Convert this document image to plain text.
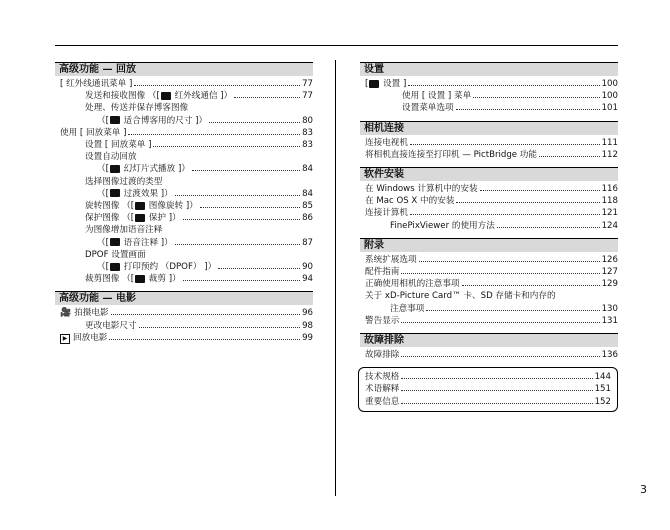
高级功能 — 回放
[ 红外线通讯菜单 ]	77
发送和接收图像 （[ 红外线通信 ]）	77
处理、传送并保存博客图像
（[ 适合博客用的尺寸 ]）	80
使用 [ 回放菜单 ]	83
设置 [ 回放菜单 ]	83
设置自动回放
（[ 幻灯片式播放 ]）	84
选择图像过渡的类型
（[ 过渡效果 ]）	84
旋转图像 （[ 图像旋转 ]）	85
保护图像 （[ 保护 ]）	86
为图像增加语音注释
（[ 语音注释 ]）	87
DPOF 设置画面
（[ 打印预约 （DPOF） ]）	90
裁剪图像 （[ 裁剪 ]）	94
高级功能 — 电影
🎥 拍摄电影	96
更改电影尺寸	98
▶ 回放电影	99
设置
[ 设置 ]	100
使用 [ 设置 ] 菜单	100
设置菜单选项	101
相机连接
连接电视机	111
将相机直接连接至打印机 — PictBridge 功能	112
软件安装
在 Windows 计算机中的安装	116
在 Mac OS X 中的安装	118
连接计算机	121
FinePixViewer 的使用方法	124
附录
系统扩展选项	126
配件指南	127
正确使用相机的注意事项	129
关于 xD-Picture Card™ 卡、SD 存储卡和内存的
注意事项	130
警告显示	131
故障排除
故障排除	136
技术规格	144
术语解释	151
重要信息	152
3
